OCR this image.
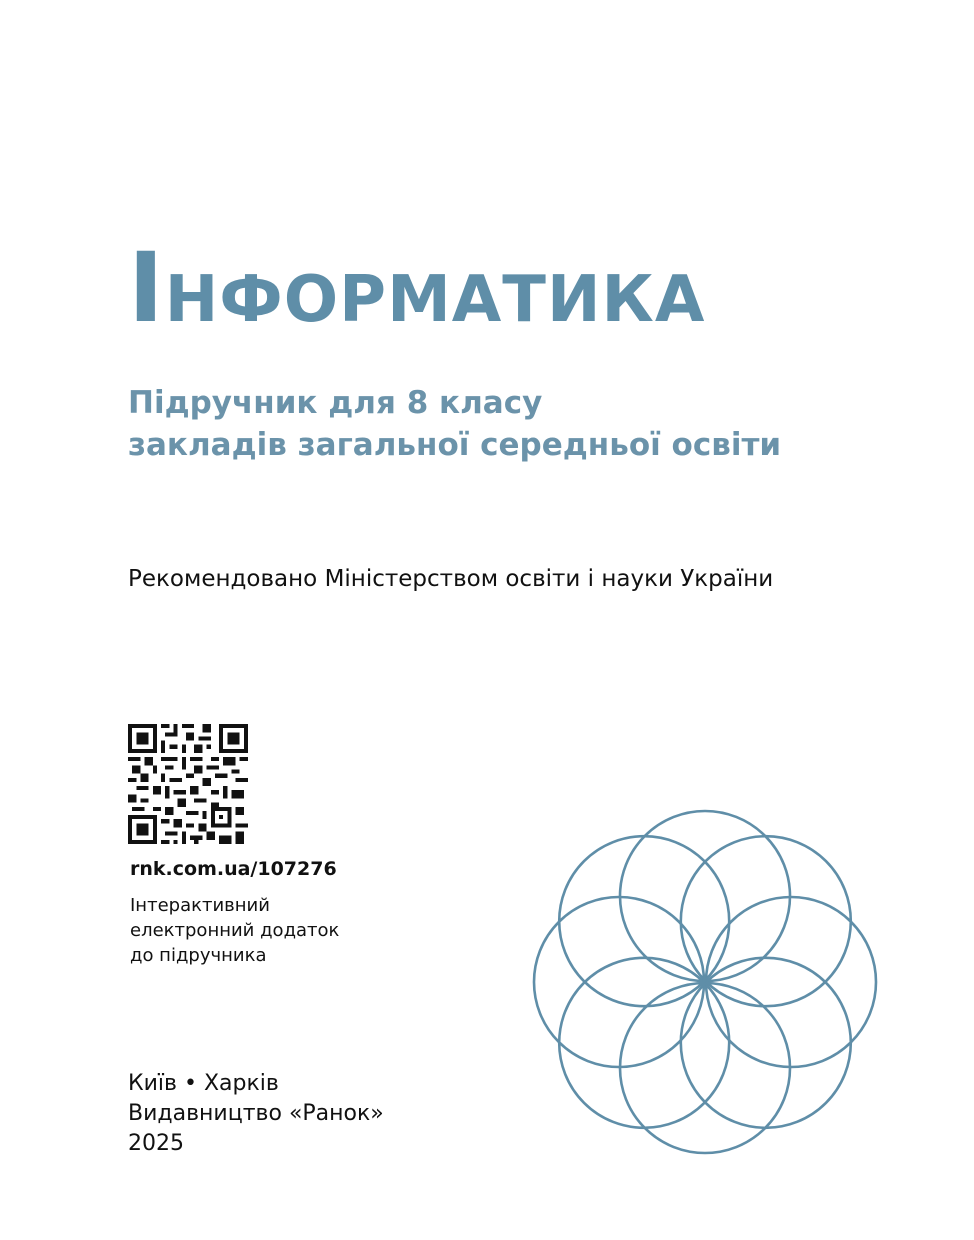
ІНФОРМАТИКА
Підручник для 8 класу
закладів загальної середньої освіти
Рекомендовано Міністерством освіти і науки України
rnk.com.ua/107276
Інтерактивний
електронний додаток
до підручника
Київ • Харків
Видавництво «Ранок»
2025
